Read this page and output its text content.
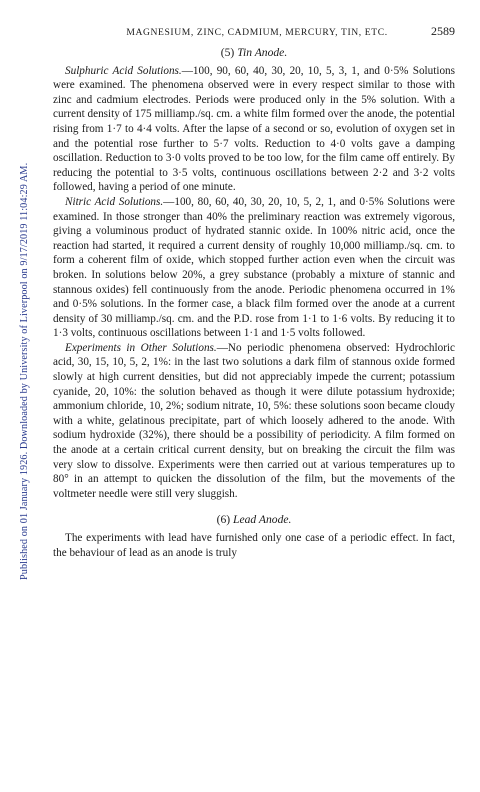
Published on 01 January 1926. Downloaded by University of Liverpool on 9/17/2019 11:04:29 AM.
MAGNESIUM, ZINC, CADMIUM, MERCURY, TIN, ETC.	2589
(5) Tin Anode.

Sulphuric Acid Solutions.—100, 90, 60, 40, 30, 20, 10, 5, 3, 1, and 0·5% Solutions were examined. The phenomena observed were in every respect similar to those with zinc and cadmium electrodes. Periods were produced only in the 5% solution. With a current density of 175 milliamp./sq. cm. a white film formed over the anode, the potential rising from 1·7 to 4·4 volts. After the lapse of a second or so, evolution of oxygen set in and the potential rose further to 5·7 volts. Reduction to 4·0 volts gave a damping oscillation. Reduction to 3·0 volts proved to be too low, for the film came off entirely. By reducing the potential to 3·5 volts, continuous oscillations between 2·2 and 3·2 volts followed, having a period of one minute.

Nitric Acid Solutions.—100, 80, 60, 40, 30, 20, 10, 5, 2, 1, and 0·5% Solutions were examined. In those stronger than 40% the preliminary reaction was extremely vigorous, giving a voluminous product of hydrated stannic oxide. In 100% nitric acid, once the reaction had started, it required a current density of roughly 10,000 milliamp./sq. cm. to form a coherent film of oxide, which stopped further action even when the circuit was broken. In solutions below 20%, a grey substance (probably a mixture of stannic and stannous oxides) fell continuously from the anode. Periodic phenomena occurred in 1% and 0·5% solutions. In the former case, a black film formed over the anode at a current density of 30 milliamp./sq. cm. and the P.D. rose from 1·1 to 1·6 volts. By reducing it to 1·3 volts, continuous oscillations between 1·1 and 1·5 volts followed.

Experiments in Other Solutions.—No periodic phenomena observed: Hydrochloric acid, 30, 15, 10, 5, 2, 1%: in the last two solutions a dark film of stannous oxide formed slowly at high current densities, but did not appreciably impede the current; potassium cyanide, 20, 10%: the solution behaved as though it were dilute potassium hydroxide; ammonium chloride, 10, 2%; sodium nitrate, 10, 5%: these solutions soon became cloudy with a white, gelatinous precipitate, part of which loosely adhered to the anode. With sodium hydroxide (32%), there should be a possibility of periodicity. A film formed on the anode at a certain critical current density, but on breaking the circuit the film was very slow to dissolve. Experiments were then carried out at various temperatures up to 80° in an attempt to quicken the dissolution of the film, but the movements of the voltmeter needle were still very sluggish.

(6) Lead Anode.

The experiments with lead have furnished only one case of a periodic effect. In fact, the behaviour of lead as an anode is truly
